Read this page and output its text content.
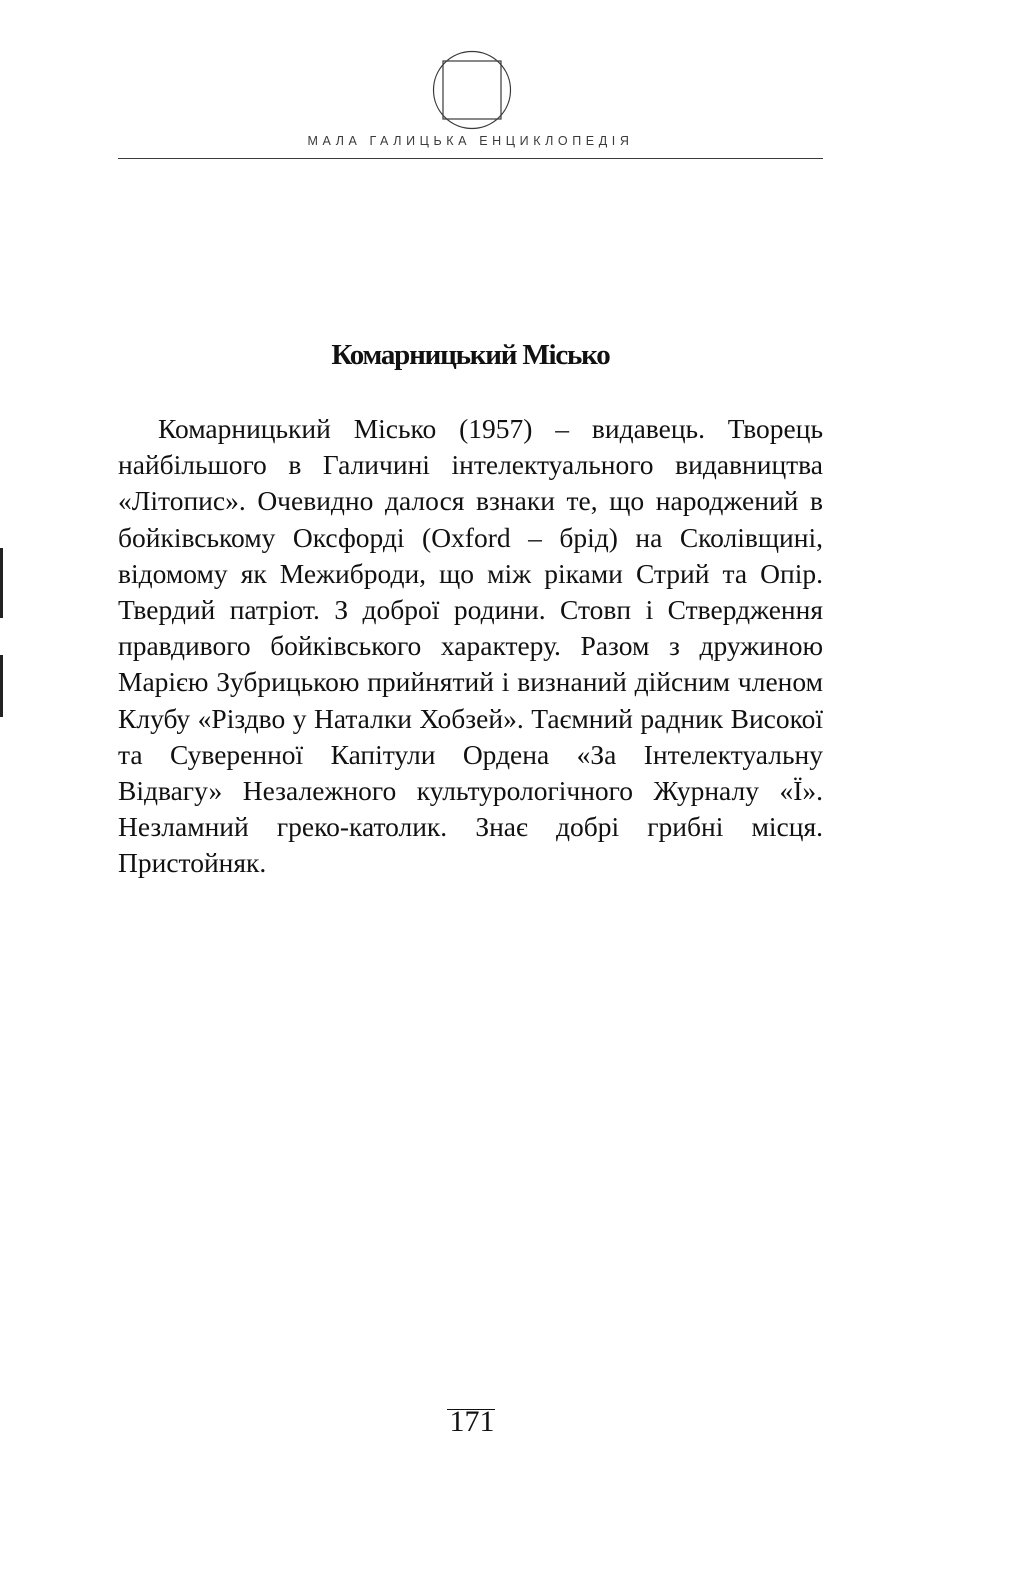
МАЛА ГАЛИЦЬКА ЕНЦИКЛОПЕДІЯ
Комарницький Місько

Комарницький Місько (1957) – видавець. Творець найбільшого в Галичині інтелектуального видавництва «Літопис». Очевидно далося взнаки те, що народжений в бойківському Оксфорді (Oxford – брід) на Сколівщині, відомому як Межиброди, що між ріками Стрий та Опір. Твердий патріот. З доброї родини. Стовп і Ствердження правдивого бойківського характеру. Разом з дружиною Марією Зубрицькою прийнятий і визнаний дійсним членом Клубу «Різдво у Наталки Хобзей». Таємний радник Високої та Суверенної Капітули Ордена «За Інтелектуальну Відвагу» Незалежного культурологічного Журналу «Ї». Незламний греко-католик. Знає добрі грибні місця. Пристойняк.

171
